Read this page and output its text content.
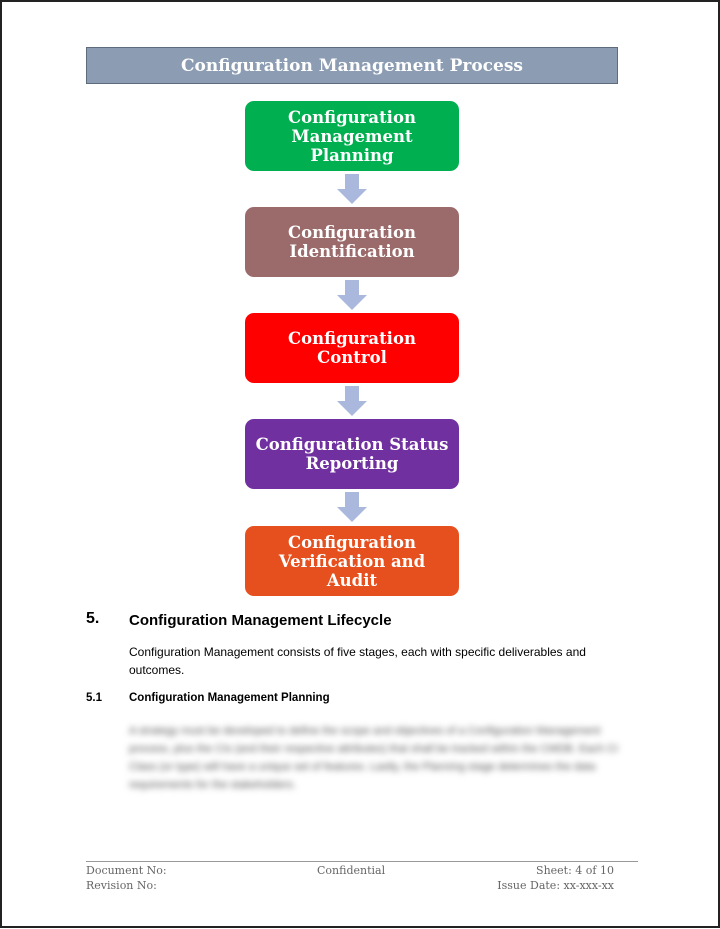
Configuration Management Process
Configuration Management Planning
Configuration Identification
Configuration Control
Configuration Status Reporting
Configuration Verification and Audit
5. Configuration Management Lifecycle
Configuration Management consists of five stages, each with specific deliverables and outcomes.
5.1 Configuration Management Planning
A strategy must be developed to define the scope and objectives of a Configuration Management process, plus the CIs (and their respective attributes) that shall be tracked within the CMDB. Each CI Class (or type) will have a unique set of features. Lastly, the Planning stage determines the data requirements for the stakeholders.
Document No:
Revision No:
Confidential	Sheet: 4 of 10
Issue Date: xx-xxx-xx
